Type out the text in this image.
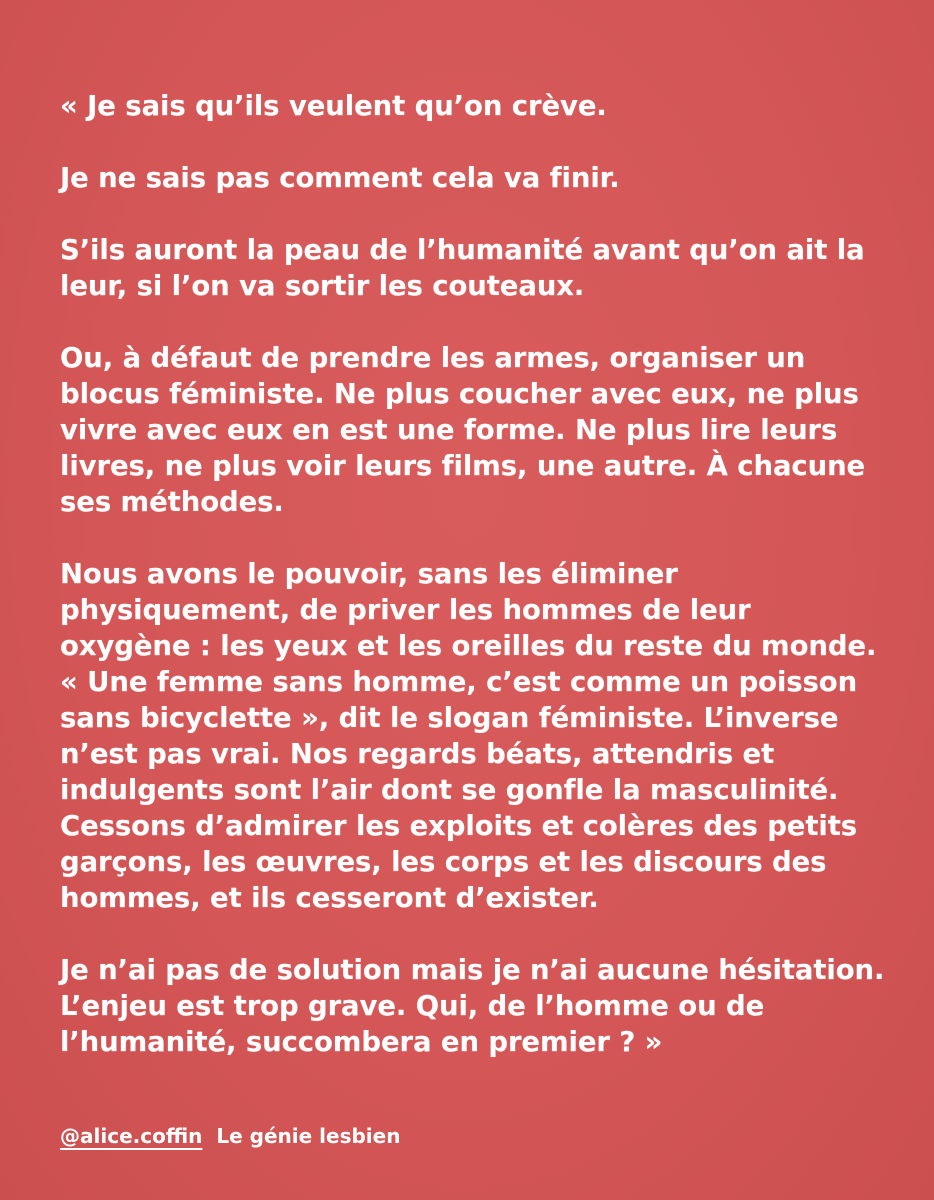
« Je sais qu’ils veulent qu’on crève.

Je ne sais pas comment cela va finir.

S’ils auront la peau de l’humanité avant qu’on ait la leur, si l’on va sortir les couteaux.

Ou, à défaut de prendre les armes, organiser un blocus féministe. Ne plus coucher avec eux, ne plus vivre avec eux en est une forme. Ne plus lire leurs livres, ne plus voir leurs films, une autre. À chacune ses méthodes.

Nous avons le pouvoir, sans les éliminer physiquement, de priver les hommes de leur oxygène : les yeux et les oreilles du reste du monde. « Une femme sans homme, c’est comme un poisson sans bicyclette », dit le slogan féministe. L’inverse n’est pas vrai. Nos regards béats, attendris et indulgents sont l’air dont se gonfle la masculinité. Cessons d’admirer les exploits et colères des petits garçons, les œuvres, les corps et les discours des hommes, et ils cesseront d’exister.

Je n’ai pas de solution mais je n’ai aucune hésitation. L’enjeu est trop grave. Qui, de l’homme ou de l’humanité, succombera en premier ? »

@alice.coffin Le génie lesbien
